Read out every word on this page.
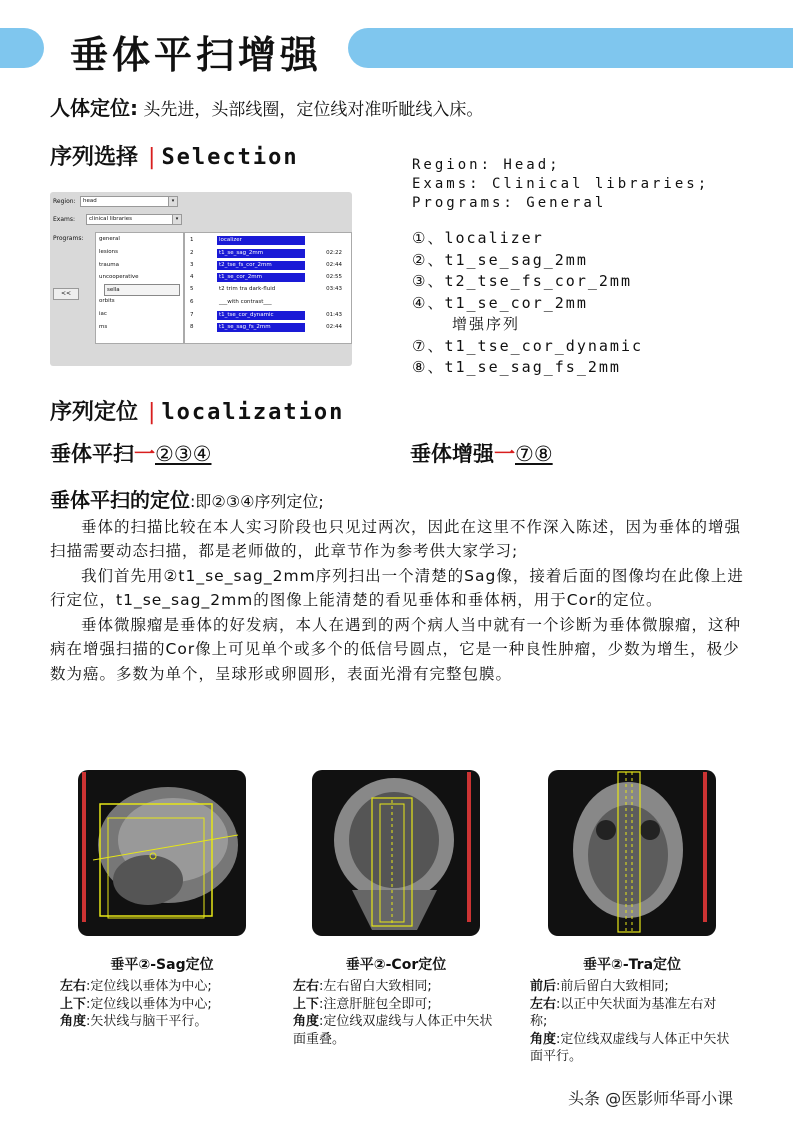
垂体平扫增强
人体定位: 头先进，头部线圈，定位线对准听眦线入床。
序列选择 | Selection	Region: Head;
Exams: Clinical libraries;
Programs: General
①、localizer
②、t1_se_sag_2mm
③、t2_tse_fs_cor_2mm
④、t1_se_cor_2mm
增强序列
⑦、t1_tse_cor_dynamic
⑧、t1_se_sag_fs_2mm
Region:	head	▾
Exams:	clinical libraries	▾
Programs:	general
lesions
trauma
uncooperative
sella
orbits
iac
ms
<<
1	localizer
2	t1_se_sag_2mm	02:22
3	t2_tse_fs_cor_2mm	02:44
4	t1_se_cor_2mm	02:55
5	t2 trim tra dark-fluid	03:43
6	___with contrast___
7	t1_tse_cor_dynamic	01:43
8	t1_se_sag_fs_2mm	02:44
序列定位 | localization
垂体平扫一②③④	垂体增强一⑦⑧

垂体平扫的定位:即②③④序列定位;

垂体的扫描比较在本人实习阶段也只见过两次，因此在这里不作深入陈述，因为垂体的增强扫描需要动态扫描，都是老师做的，此章节作为参考供大家学习;

我们首先用②t1_se_sag_2mm序列扫出一个清楚的Sag像，接着后面的图像均在此像上进行定位，t1_se_sag_2mm的图像上能清楚的看见垂体和垂体柄，用于Cor的定位。

垂体微腺瘤是垂体的好发病，本人在遇到的两个病人当中就有一个诊断为垂体微腺瘤，这种病在增强扫描的Cor像上可见单个或多个的低信号圆点，它是一种良性肿瘤，少数为增生，极少数为癌。多数为单个，呈球形或卵圆形，表面光滑有完整包膜。

垂平②-Sag定位	垂平②-Cor定位	垂平②-Tra定位
左右:定位线以垂体为中心;
上下:定位线以垂体为中心;
角度:矢状线与脑干平行。
左右:左右留白大致相同;
上下:注意肝脏包全即可;
角度:定位线双虚线与人体正中矢状面重叠。
前后:前后留白大致相同;
左右:以正中矢状面为基准左右对称;
角度:定位线双虚线与人体正中矢状面平行。
头条 @医影师华哥小课
